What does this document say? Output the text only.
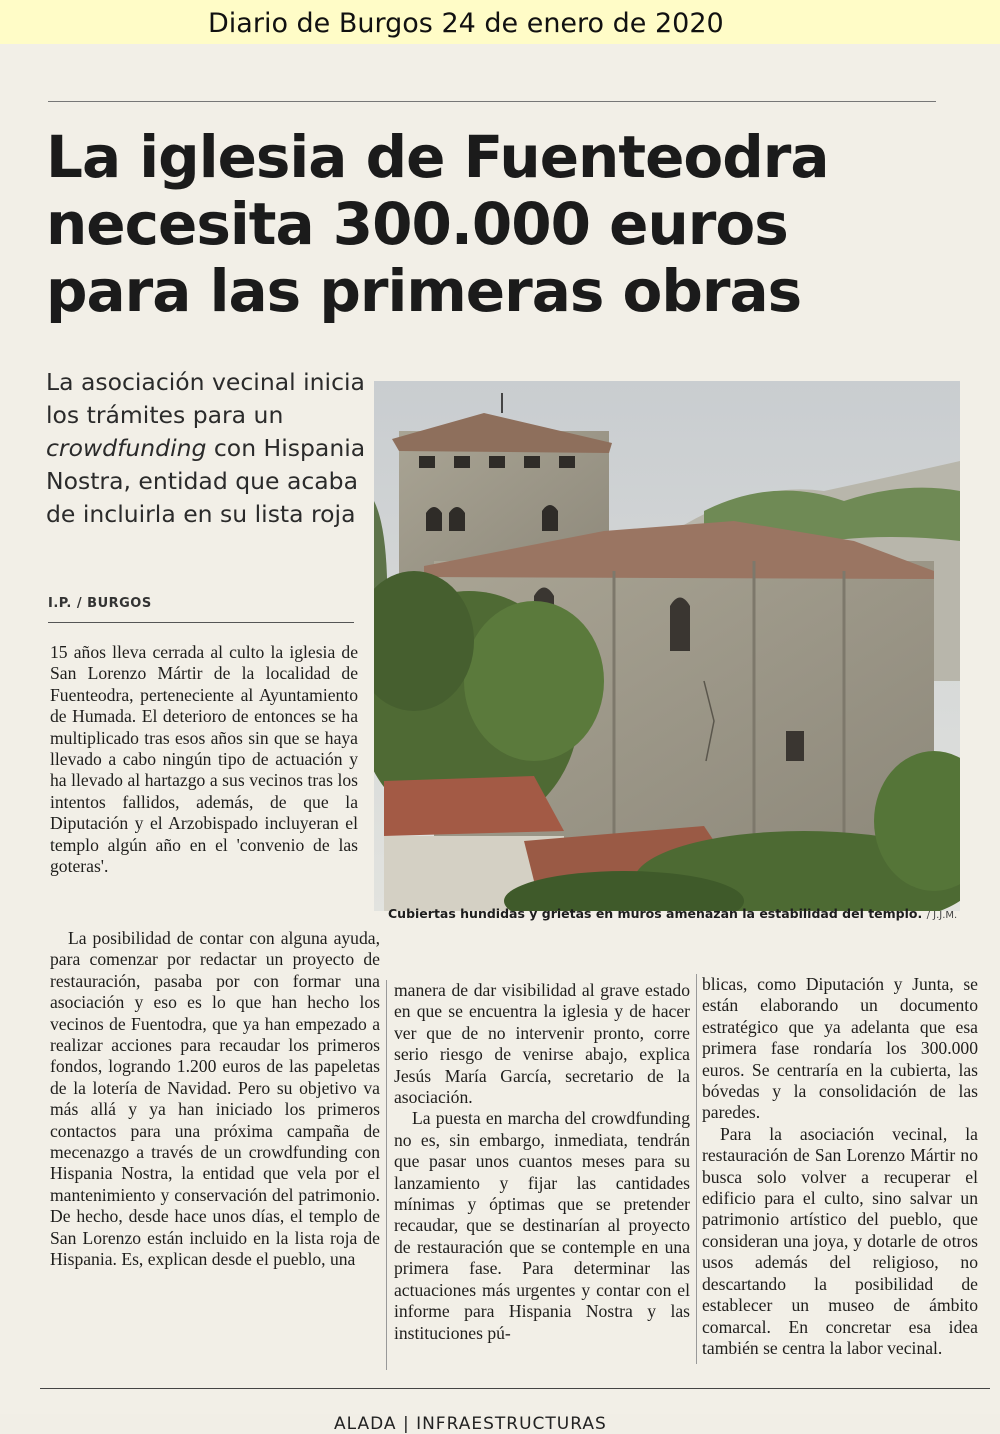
Diario de Burgos 24 de enero de 2020
La iglesia de Fuenteodra necesita 300.000 euros para las primeras obras

La asociación vecinal inicia los trámites para un crowdfunding con Hispania Nostra, entidad que acaba de incluirla en su lista roja

I.P. / BURGOS
Cubiertas hundidas y grietas en muros amenazan la estabilidad del templo. / J.J.M.

15 años lleva cerrada al culto la iglesia de San Lorenzo Mártir de la localidad de Fuenteodra, perteneciente al Ayuntamiento de Humada. El deterioro de entonces se ha multiplicado tras esos años sin que se haya llevado a cabo ningún tipo de actuación y ha llevado al hartazgo a sus vecinos tras los intentos fallidos, además, de que la Diputación y el Arzobispado incluyeran el templo algún año en el 'convenio de las goteras'.

La posibilidad de contar con alguna ayuda, para comenzar por redactar un proyecto de restauración, pasaba por con formar una asociación y eso es lo que han hecho los vecinos de Fuentodra, que ya han empezado a realizar acciones para recaudar los primeros fondos, logrando 1.200 euros de las papeletas de la lotería de Navidad. Pero su objetivo va más allá y ya han iniciado los primeros contactos para una próxima campaña de mecenazgo a través de un crowdfunding con Hispania Nostra, la entidad que vela por el mantenimiento y conservación del patrimonio. De hecho, desde hace unos días, el templo de San Lorenzo están incluido en la lista roja de Hispania. Es, explican desde el pueblo, una

manera de dar visibilidad al grave estado en que se encuentra la iglesia y de hacer ver que de no intervenir pronto, corre serio riesgo de venirse abajo, explica Jesús María García, secretario de la asociación.

La puesta en marcha del crowdfunding no es, sin embargo, inmediata, tendrán que pasar unos cuantos meses para su lanzamiento y fijar las cantidades mínimas y óptimas que se pretender recaudar, que se destinarían al proyecto de restauración que se contemple en una primera fase. Para determinar las actuaciones más urgentes y contar con el informe para Hispania Nostra y las instituciones pú-

blicas, como Diputación y Junta, se están elaborando un documento estratégico que ya adelanta que esa primera fase rondaría los 300.000 euros. Se centraría en la cubierta, las bóvedas y la consolidación de las paredes.

Para la asociación vecinal, la restauración de San Lorenzo Mártir no busca solo volver a recuperar el edificio para el culto, sino salvar un patrimonio artístico del pueblo, que consideran una joya, y dotarle de otros usos además del religioso, no descartando la posibilidad de establecer un museo de ámbito comarcal. En concretar esa idea también se centra la labor vecinal.

ALADA | INFRAESTRUCTURAS
